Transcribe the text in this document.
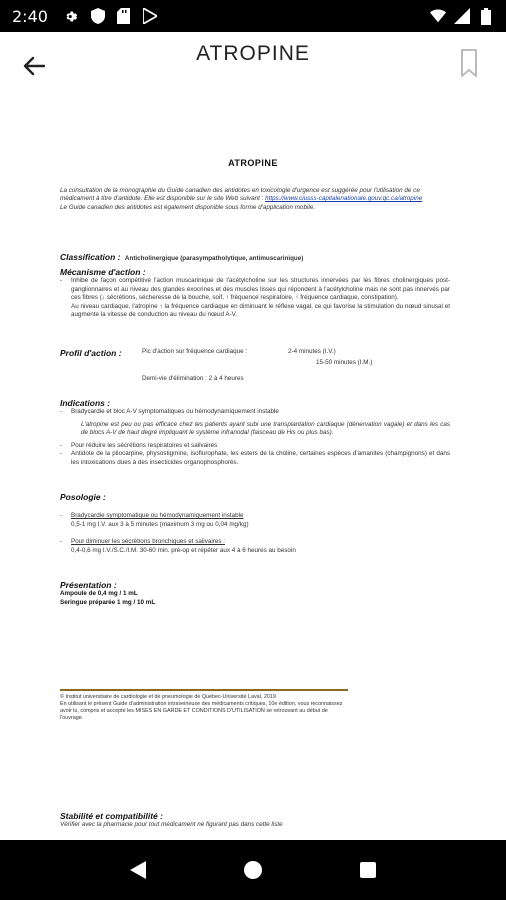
2:40
ATROPINE
ATROPINE
La consultation de la monographie du Guide canadien des antidotes en toxicologie d'urgence est suggérée pour l'utilisation de ce médicament à titre d'antidote. Elle est disponible sur le site Web suivant : https://www.ciusss-capitalenationale.gouv.qc.ca/atropine
Le Guide canadien des antidotes est également disponible sous forme d'application mobile.
Classification : Anticholinergique (parasympatholytique, antimuscarinique)
Mécanisme d'action :
- Inhibe de façon compétitive l'action muscarinique de l'acétylcholine sur les structures innervées par les fibres cholinergiques post-ganglionnaires et au niveau des glandes exocrines et des muscles lisses qui répondent à l'acétylcholine mais ne sont pas innervés par ces fibres (↓ sécrétions, sécheresse de la bouche, soif, ↑ fréquence respiratoire, ↑ fréquence cardiaque, constipation).
Au niveau cardiaque, l'atropine ↑ la fréquence cardiaque en diminuant le réflexe vagal, ce qui favorise la stimulation du nœud sinusal et augmente la vitesse de conduction au niveau du nœud A-V.
Profil d'action :	Pic d'action sur fréquence cardiaque :	2-4 minutes (I.V.)
15-50 minutes (I.M.)
Demi-vie d'élimination : 2 à 4 heures
Indications :
- Bradycardie et bloc A-V symptomatiques ou hémodynamiquement instable
L'atropine est peu ou pas efficace chez les patients ayant subi une transplantation cardiaque (dénervation vagale) et dans les cas de blocs A-V de haut degré impliquant le système infranodal (faisceau de His ou plus bas).
- Pour réduire les sécrétions respiratoires et salivaires
- Antidote de la pilocarpine, physostigmine, isoflurophate, les esters de la choline, certaines espèces d'amanites (champignons) et dans les intoxications dues à des insecticides organophosphorés.
Posologie :
- Bradycardie symptomatique ou hémodynamiquement instable
0,5-1 mg I.V. aux 3 à 5 minutes (maximum 3 mg ou 0,04 mg/kg)
- Pour diminuer les sécrétions bronchiques et salivaires :
0,4-0,6 mg I.V./S.C./I.M. 30-60 min. pré-op et répéter aux 4 à 6 heures au besoin
Présentation :
Ampoule de 0,4 mg / 1 mL
Seringue préparée 1 mg / 10 mL
© Institut universitaire de cardiologie et de pneumologie de Québec-Université Laval, 2019
En utilisant le présent Guide d'administration intraveineuse des médicaments critiques, 10e édition, vous reconnaissez avoir lu, compris et accepté les MISES EN GARDE ET CONDITIONS D'UTILISATION se retrouvant au début de l'ouvrage.
Stabilité et compatibilité :
Vérifier avec la pharmacie pour tout médicament ne figurant pas dans cette liste
